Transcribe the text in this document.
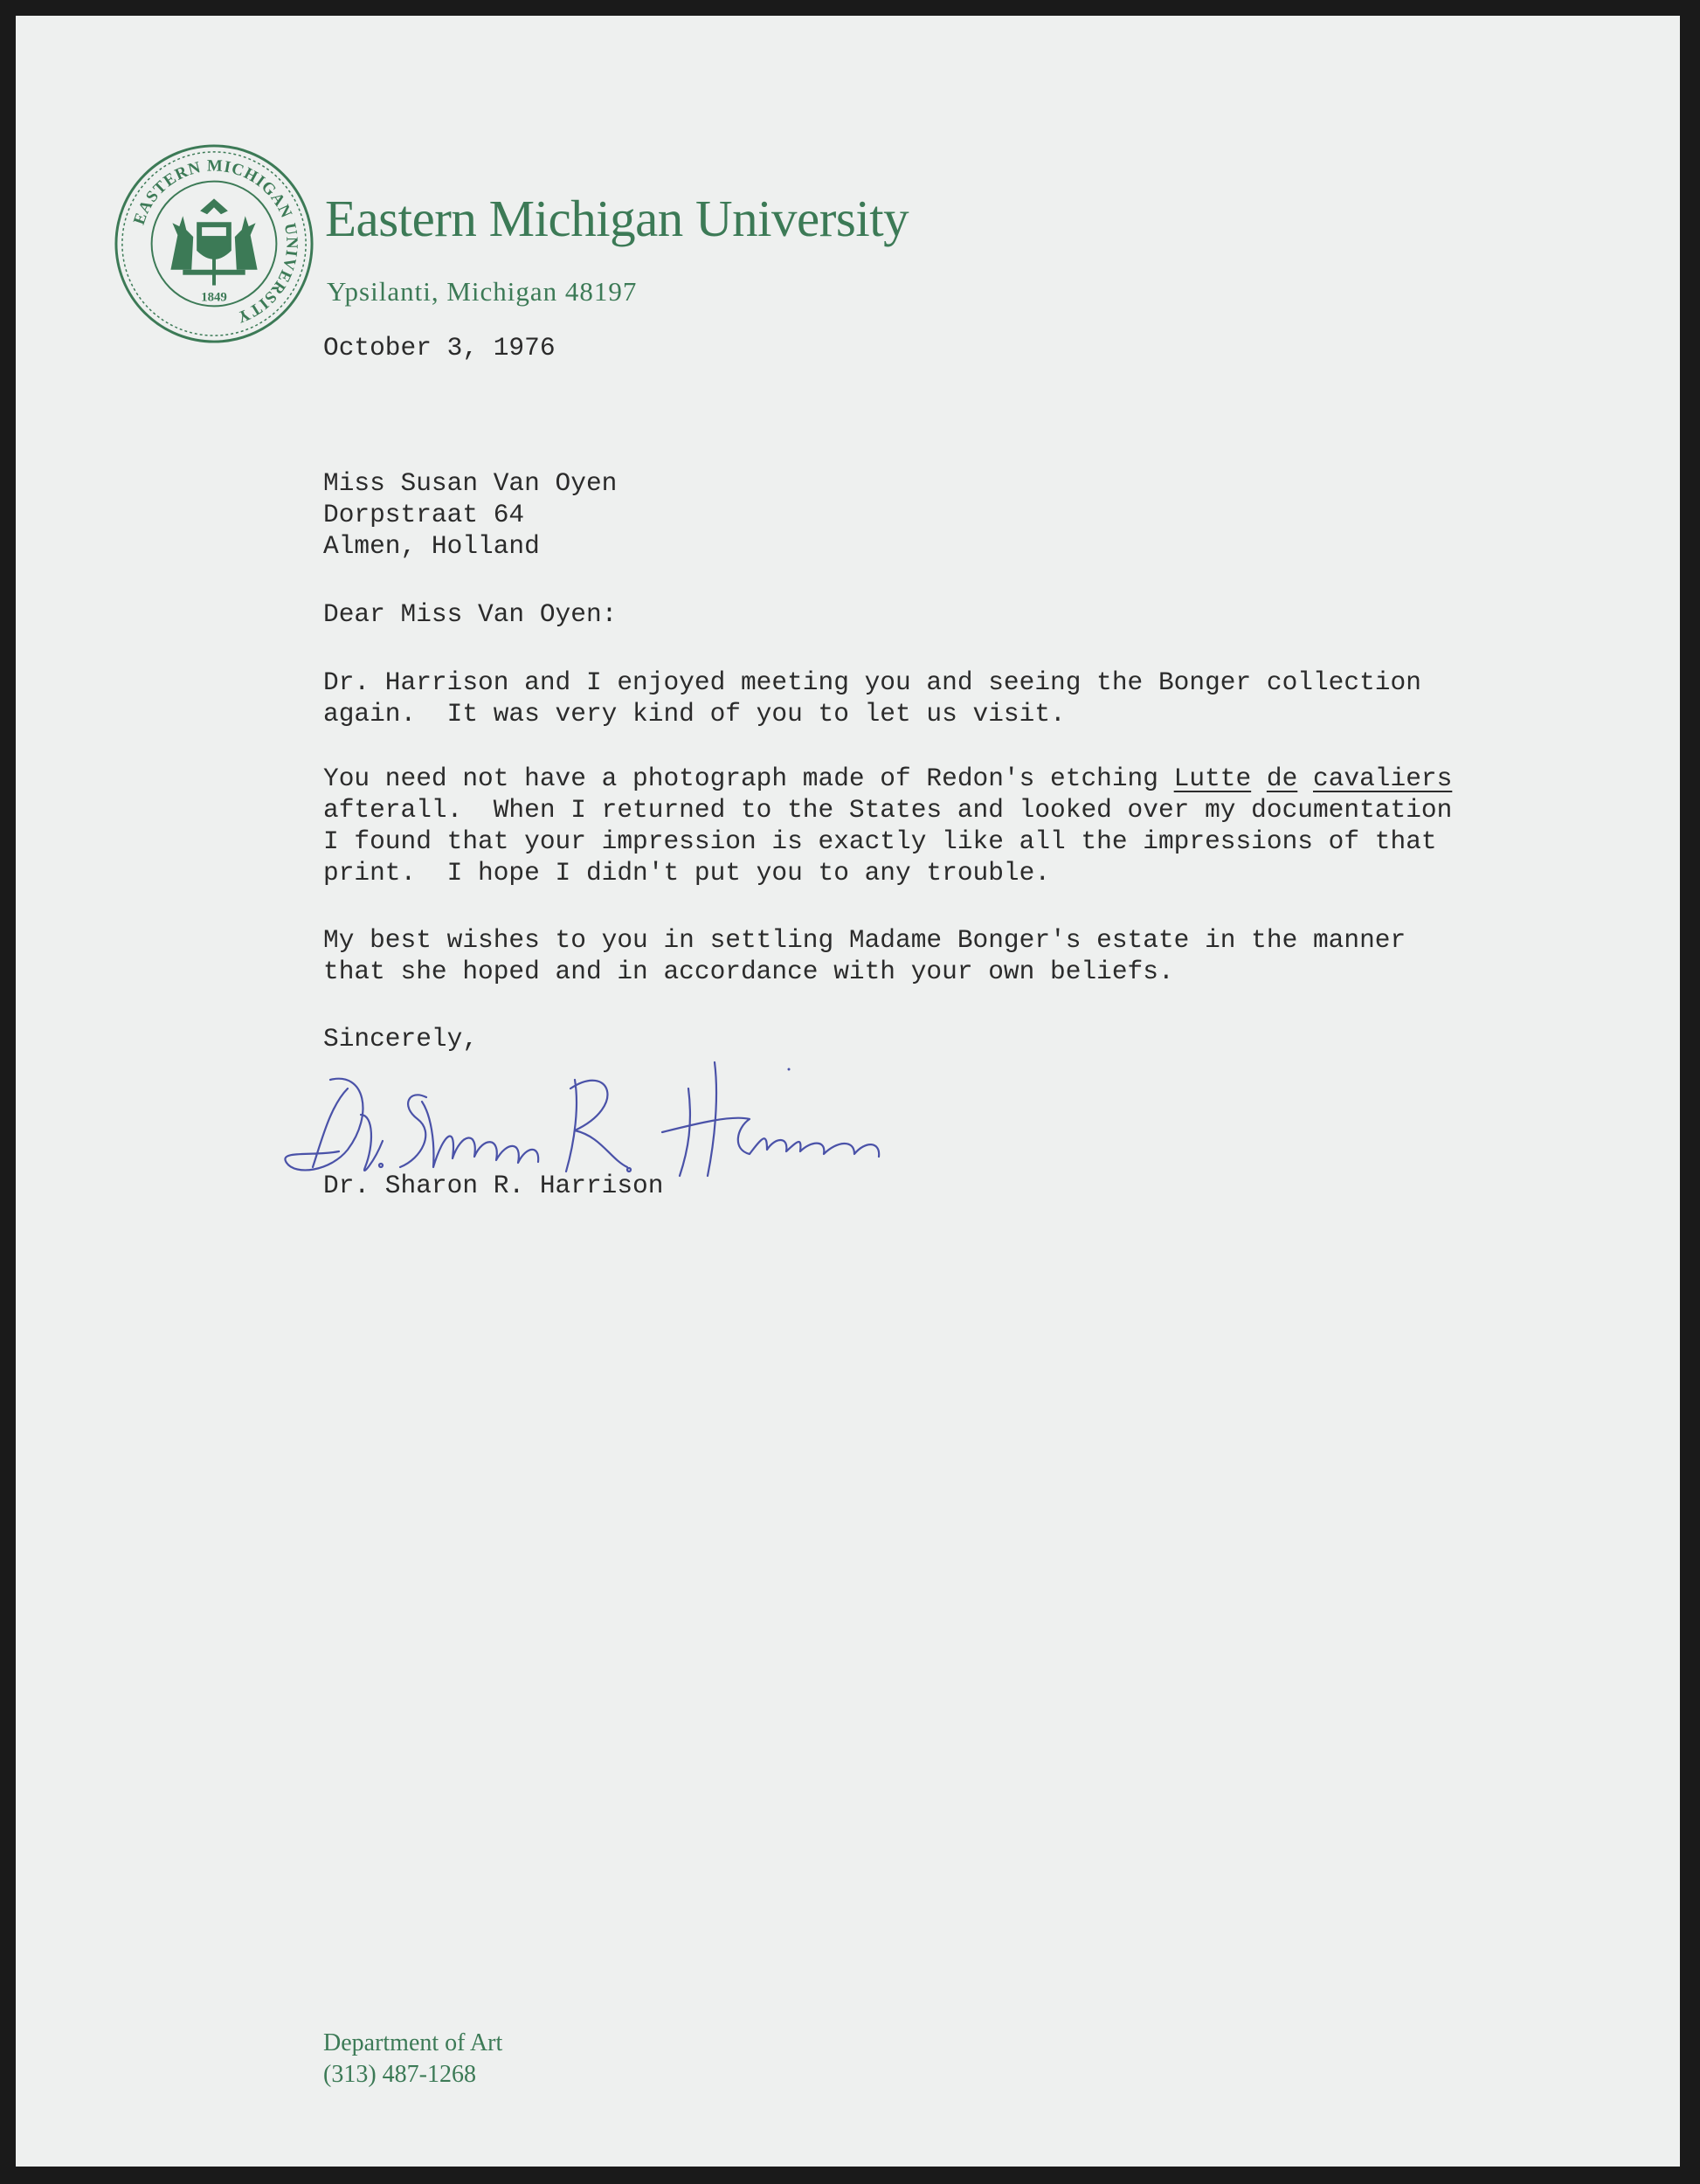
EASTERN MICHIGAN UNIVERSITY
1849
Eastern Michigan University
Ypsilanti, Michigan 48197
October 3, 1976
Miss Susan Van Oyen
Dorpstraat 64
Almen, Holland
Dear Miss Van Oyen:
Dr. Harrison and I enjoyed meeting you and seeing the Bonger collection
again.  It was very kind of you to let us visit.
You need not have a photograph made of Redon's etching Lutte de cavaliers
afterall.  When I returned to the States and looked over my documentation
I found that your impression is exactly like all the impressions of that
print.  I hope I didn't put you to any trouble.
My best wishes to you in settling Madame Bonger's estate in the manner
that she hoped and in accordance with your own beliefs.
Sincerely,
Dr. Sharon R. Harrison
Department of Art
(313) 487-1268
